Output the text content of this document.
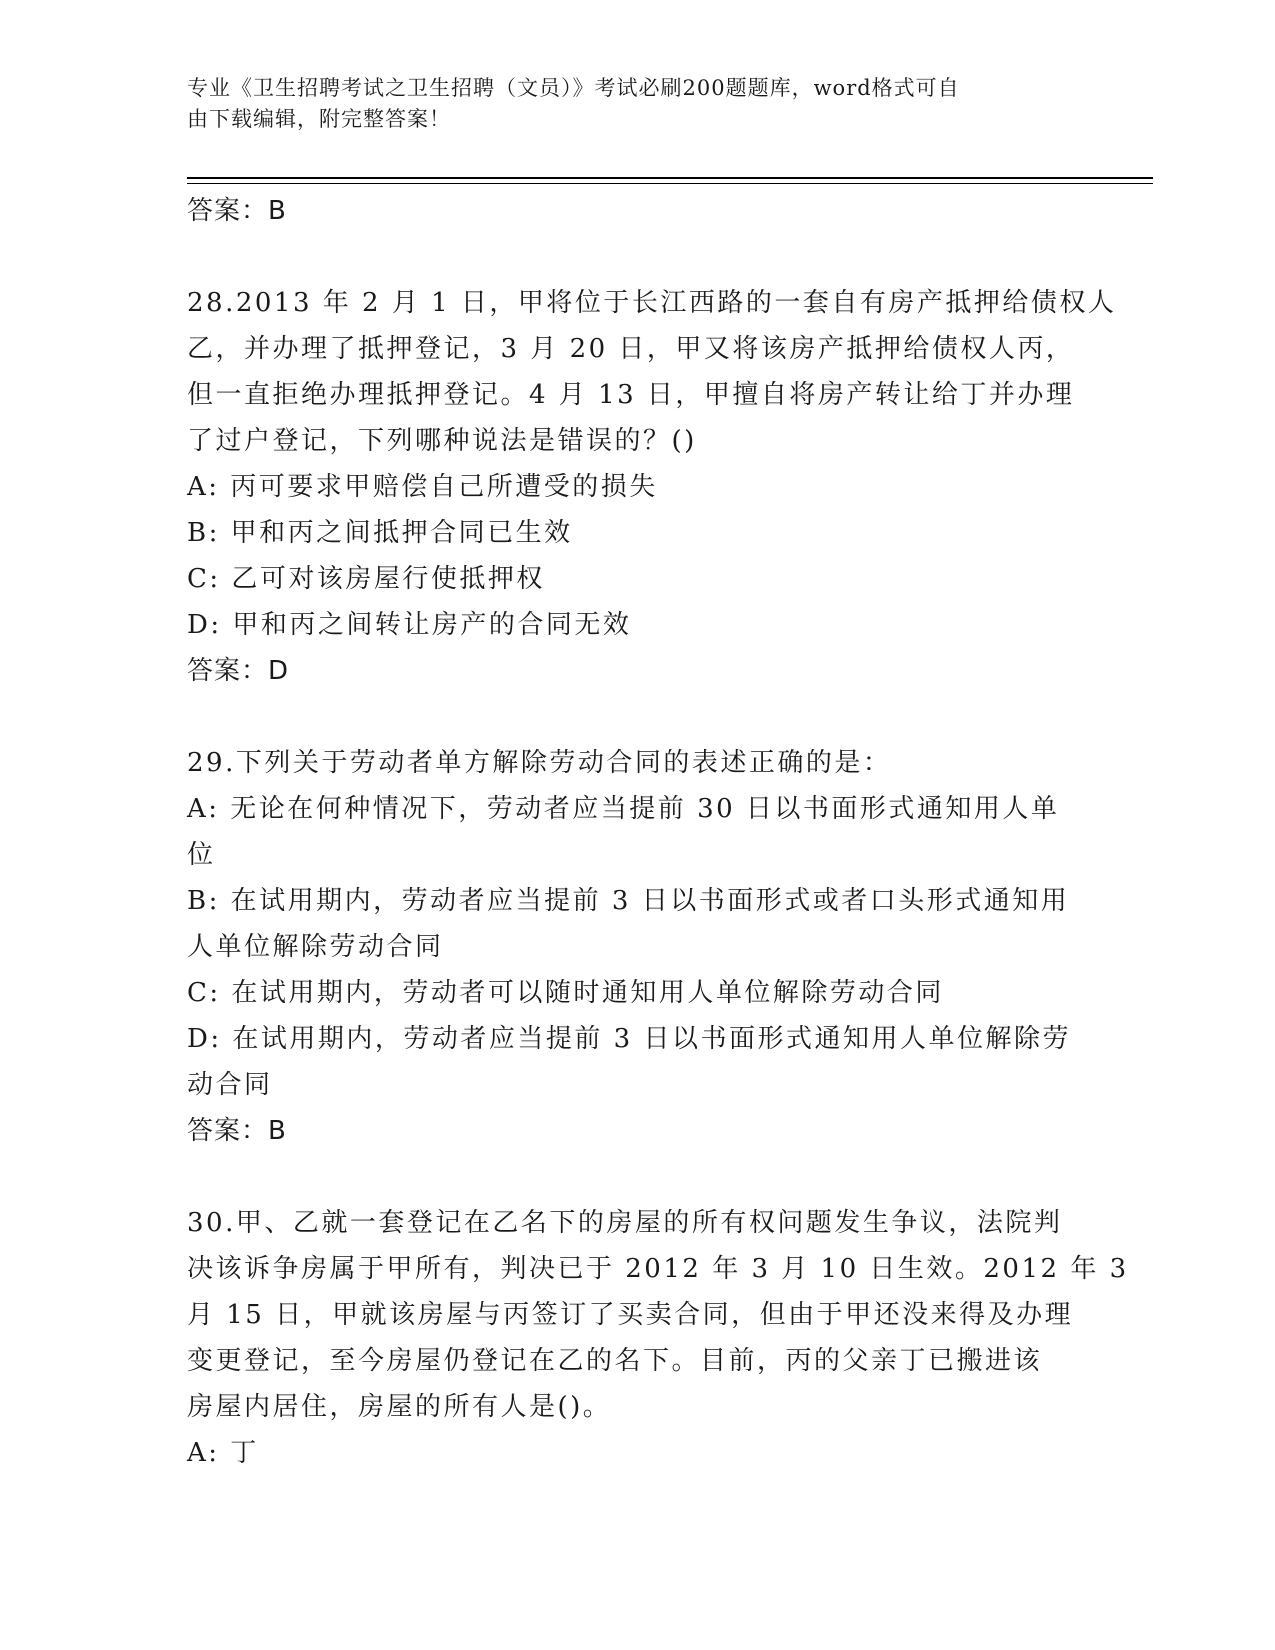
专业《卫生招聘考试之卫生招聘（文员）》考试必刷200题题库，word格式可自
由下载编辑，附完整答案！
答案：B
28.2013 年 2 月 1 日，甲将位于长江西路的一套自有房产抵押给债权人
乙，并办理了抵押登记，3 月 20 日，甲又将该房产抵押给债权人丙，
但一直拒绝办理抵押登记。4 月 13 日，甲擅自将房产转让给丁并办理
了过户登记，下列哪种说法是错误的？()
A: 丙可要求甲赔偿自己所遭受的损失
B: 甲和丙之间抵押合同已生效
C: 乙可对该房屋行使抵押权
D: 甲和丙之间转让房产的合同无效
答案：D
29.下列关于劳动者单方解除劳动合同的表述正确的是：
A: 无论在何种情况下，劳动者应当提前 30 日以书面形式通知用人单
位
B: 在试用期内，劳动者应当提前 3 日以书面形式或者口头形式通知用
人单位解除劳动合同
C: 在试用期内，劳动者可以随时通知用人单位解除劳动合同
D: 在试用期内，劳动者应当提前 3 日以书面形式通知用人单位解除劳
动合同
答案：B
30.甲、乙就一套登记在乙名下的房屋的所有权问题发生争议，法院判
决该诉争房属于甲所有，判决已于 2012 年 3 月 10 日生效。2012 年 3
月 15 日，甲就该房屋与丙签订了买卖合同，但由于甲还没来得及办理
变更登记，至今房屋仍登记在乙的名下。目前，丙的父亲丁已搬进该
房屋内居住，房屋的所有人是()。
A: 丁
